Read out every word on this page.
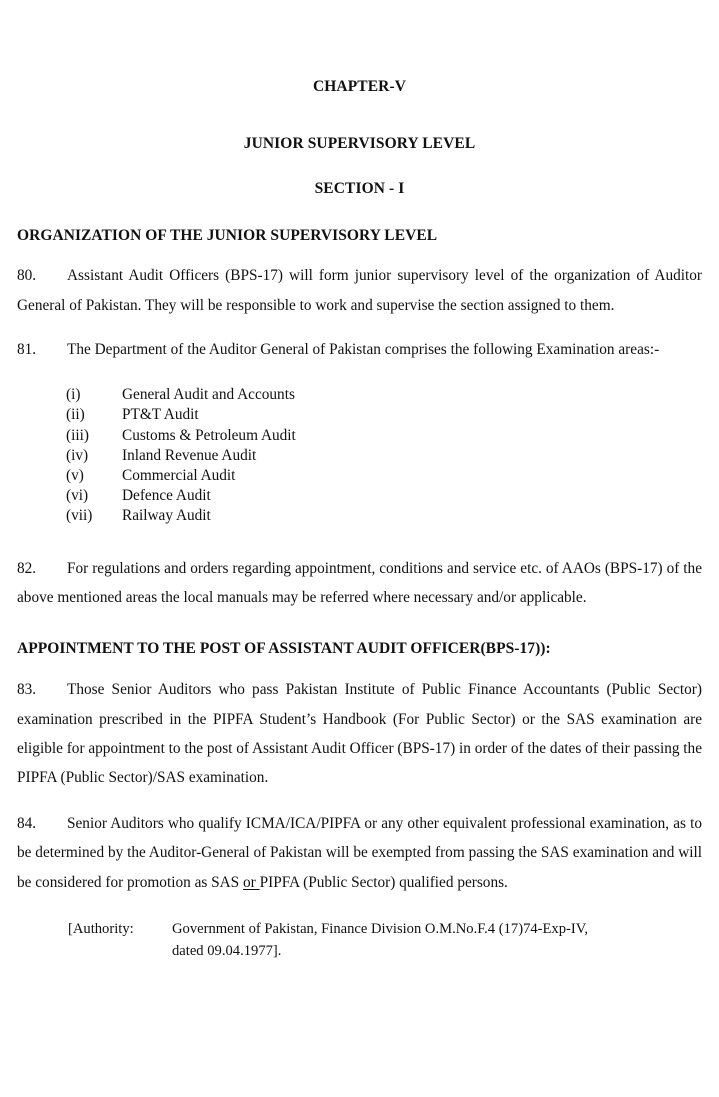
CHAPTER-V
JUNIOR SUPERVISORY LEVEL
SECTION - I
ORGANIZATION OF THE JUNIOR SUPERVISORY LEVEL

80. Assistant Audit Officers (BPS-17) will form junior supervisory level of the organization of Auditor General of Pakistan. They will be responsible to work and supervise the section assigned to them.

81. The Department of the Auditor General of Pakistan comprises the following Examination areas:-

(i)	General Audit and Accounts
(ii) PT&T Audit
(iii) Customs & Petroleum Audit
(iv) Inland Revenue Audit
(v) Commercial Audit
(vi) Defence Audit
(vii) Railway Audit

82. For regulations and orders regarding appointment, conditions and service etc. of AAOs (BPS-17) of the above mentioned areas the local manuals may be referred where necessary and/or applicable.

APPOINTMENT TO THE POST OF ASSISTANT AUDIT OFFICER(BPS-17)):

83. Those Senior Auditors who pass Pakistan Institute of Public Finance Accountants (Public Sector) examination prescribed in the PIPFA Student’s Handbook (For Public Sector) or the SAS examination are eligible for appointment to the post of Assistant Audit Officer (BPS-17) in order of the dates of their passing the PIPFA (Public Sector)/SAS examination.

84. Senior Auditors who qualify ICMA/ICA/PIPFA or any other equivalent professional examination, as to be determined by the Auditor-General of Pakistan will be exempted from passing the SAS examination and will be considered for promotion as SAS or PIPFA (Public Sector) qualified persons.

[Authority:	Government of Pakistan, Finance Division O.M.No.F.4 (17)74-Exp-IV,
dated 09.04.1977].
